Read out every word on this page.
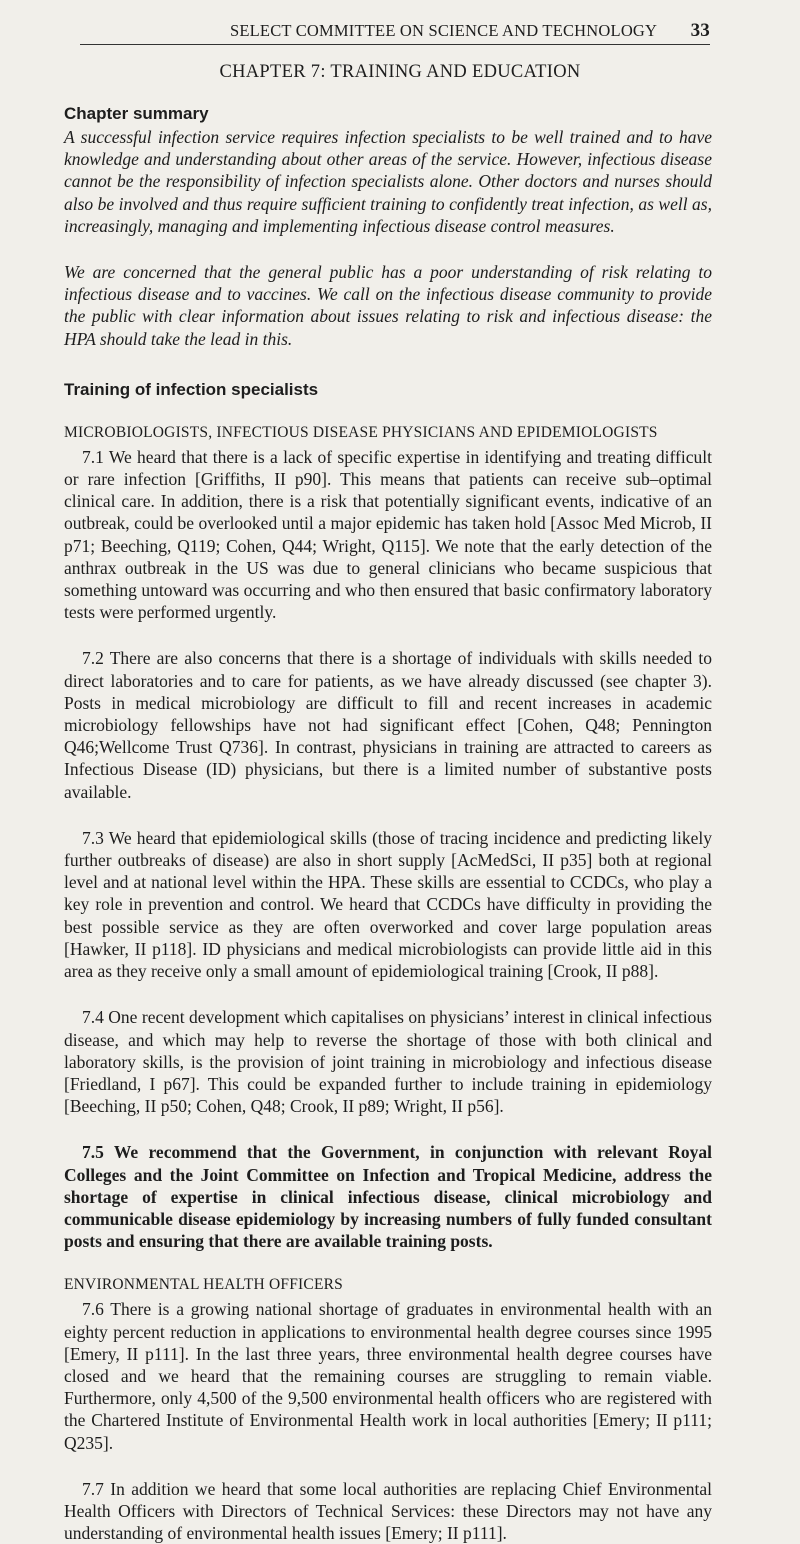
SELECT COMMITTEE ON SCIENCE AND TECHNOLOGY 33
CHAPTER 7: TRAINING AND EDUCATION
Chapter summary

A successful infection service requires infection specialists to be well trained and to have knowledge and understanding about other areas of the service. However, infectious disease cannot be the responsibility of infection specialists alone. Other doctors and nurses should also be involved and thus require sufficient training to confidently treat infection, as well as, increasingly, managing and implementing infectious disease control measures.

We are concerned that the general public has a poor understanding of risk relating to infectious disease and to vaccines. We call on the infectious disease community to provide the public with clear information about issues relating to risk and infectious disease: the HPA should take the lead in this.

Training of infection specialists
MICROBIOLOGISTS, INFECTIOUS DISEASE PHYSICIANS AND EPIDEMIOLOGISTS

7.1 We heard that there is a lack of specific expertise in identifying and treating difficult or rare infection [Griffiths, II p90]. This means that patients can receive sub–optimal clinical care. In addition, there is a risk that potentially significant events, indicative of an outbreak, could be overlooked until a major epidemic has taken hold [Assoc Med Microb, II p71; Beeching, Q119; Cohen, Q44; Wright, Q115]. We note that the early detection of the anthrax outbreak in the US was due to general clinicians who became suspicious that something untoward was occurring and who then ensured that basic confirmatory laboratory tests were performed urgently.

7.2 There are also concerns that there is a shortage of individuals with skills needed to direct laboratories and to care for patients, as we have already discussed (see chapter 3). Posts in medical microbiology are difficult to fill and recent increases in academic microbiology fellowships have not had significant effect [Cohen, Q48; Pennington Q46;Wellcome Trust Q736]. In contrast, physicians in training are attracted to careers as Infectious Disease (ID) physicians, but there is a limited number of substantive posts available.

7.3 We heard that epidemiological skills (those of tracing incidence and predicting likely further outbreaks of disease) are also in short supply [AcMedSci, II p35] both at regional level and at national level within the HPA. These skills are essential to CCDCs, who play a key role in prevention and control. We heard that CCDCs have difficulty in providing the best possible service as they are often overworked and cover large population areas [Hawker, II p118]. ID physicians and medical microbiologists can provide little aid in this area as they receive only a small amount of epidemiological training [Crook, II p88].

7.4 One recent development which capitalises on physicians’ interest in clinical infectious disease, and which may help to reverse the shortage of those with both clinical and laboratory skills, is the provision of joint training in microbiology and infectious disease [Friedland, I p67]. This could be expanded further to include training in epidemiology [Beeching, II p50; Cohen, Q48; Crook, II p89; Wright, II p56].

7.5 We recommend that the Government, in conjunction with relevant Royal Colleges and the Joint Committee on Infection and Tropical Medicine, address the shortage of expertise in clinical infectious disease, clinical microbiology and communicable disease epidemiology by increasing numbers of fully funded consultant posts and ensuring that there are available training posts.

ENVIRONMENTAL HEALTH OFFICERS

7.6 There is a growing national shortage of graduates in environmental health with an eighty percent reduction in applications to environmental health degree courses since 1995 [Emery, II p111]. In the last three years, three environmental health degree courses have closed and we heard that the remaining courses are struggling to remain viable. Furthermore, only 4,500 of the 9,500 environmental health officers who are registered with the Chartered Institute of Environmental Health work in local authorities [Emery; II p111; Q235].

7.7 In addition we heard that some local authorities are replacing Chief Environmental Health Officers with Directors of Technical Services: these Directors may not have any understanding of environmental health issues [Emery; II p111].
